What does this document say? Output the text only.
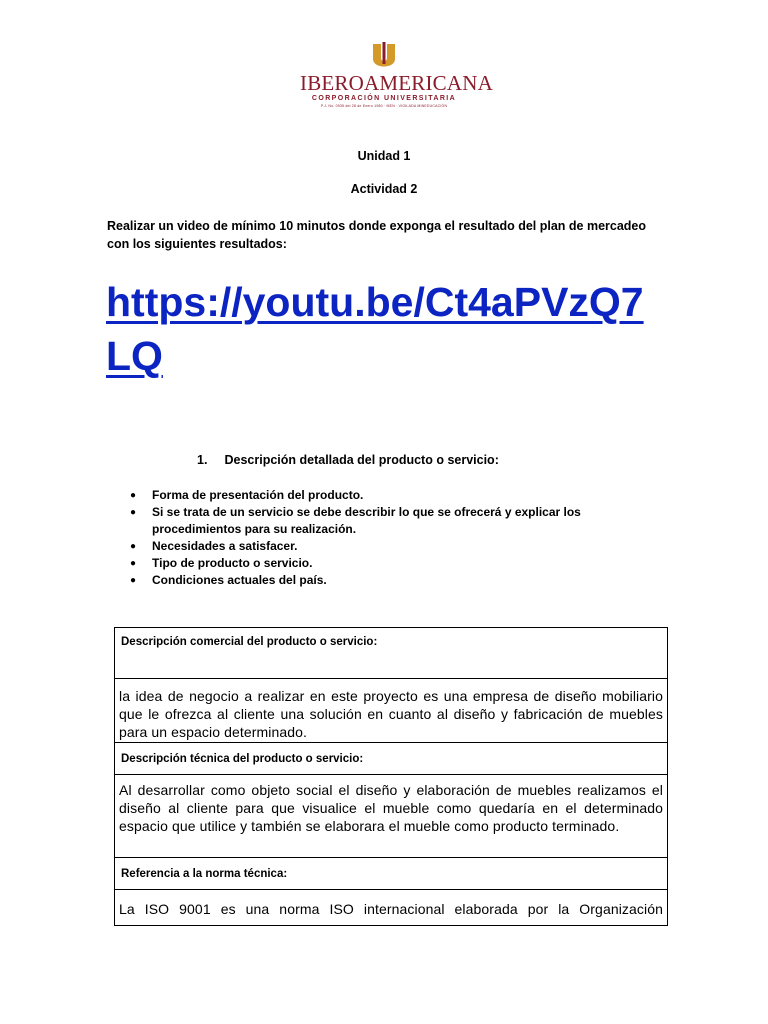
IBEROAMERICANA
CORPORACIÓN UNIVERSITARIA
P.J. No. 0935 del 28 de Enero 1980 · MEN · VIGILADA MINEDUCACIÓN
Unidad 1
Actividad 2
Realizar un video de mínimo 10 minutos donde exponga el resultado del plan de mercadeo con los siguientes resultados:
https://youtu.be/Ct4aPVzQ7LQ
1. Descripción detallada del producto o servicio:
● Forma de presentación del producto.
● Si se trata de un servicio se debe describir lo que se ofrecerá y explicar los procedimientos para su realización.
● Necesidades a satisfacer.
● Tipo de producto o servicio.
● Condiciones actuales del país.
Descripción comercial del producto o servicio:
la idea de negocio a realizar en este proyecto es una empresa de diseño mobiliario que le ofrezca al cliente una solución en cuanto al diseño y fabricación de muebles para un espacio determinado.
Descripción técnica del producto o servicio:
Al desarrollar como objeto social el diseño y elaboración de muebles realizamos el diseño al cliente para que visualice el mueble como quedaría en el determinado espacio que utilice y también se elaborara el mueble como producto terminado.
Referencia a la norma técnica:
La ISO 9001 es una norma ISO internacional elaborada por la Organización
